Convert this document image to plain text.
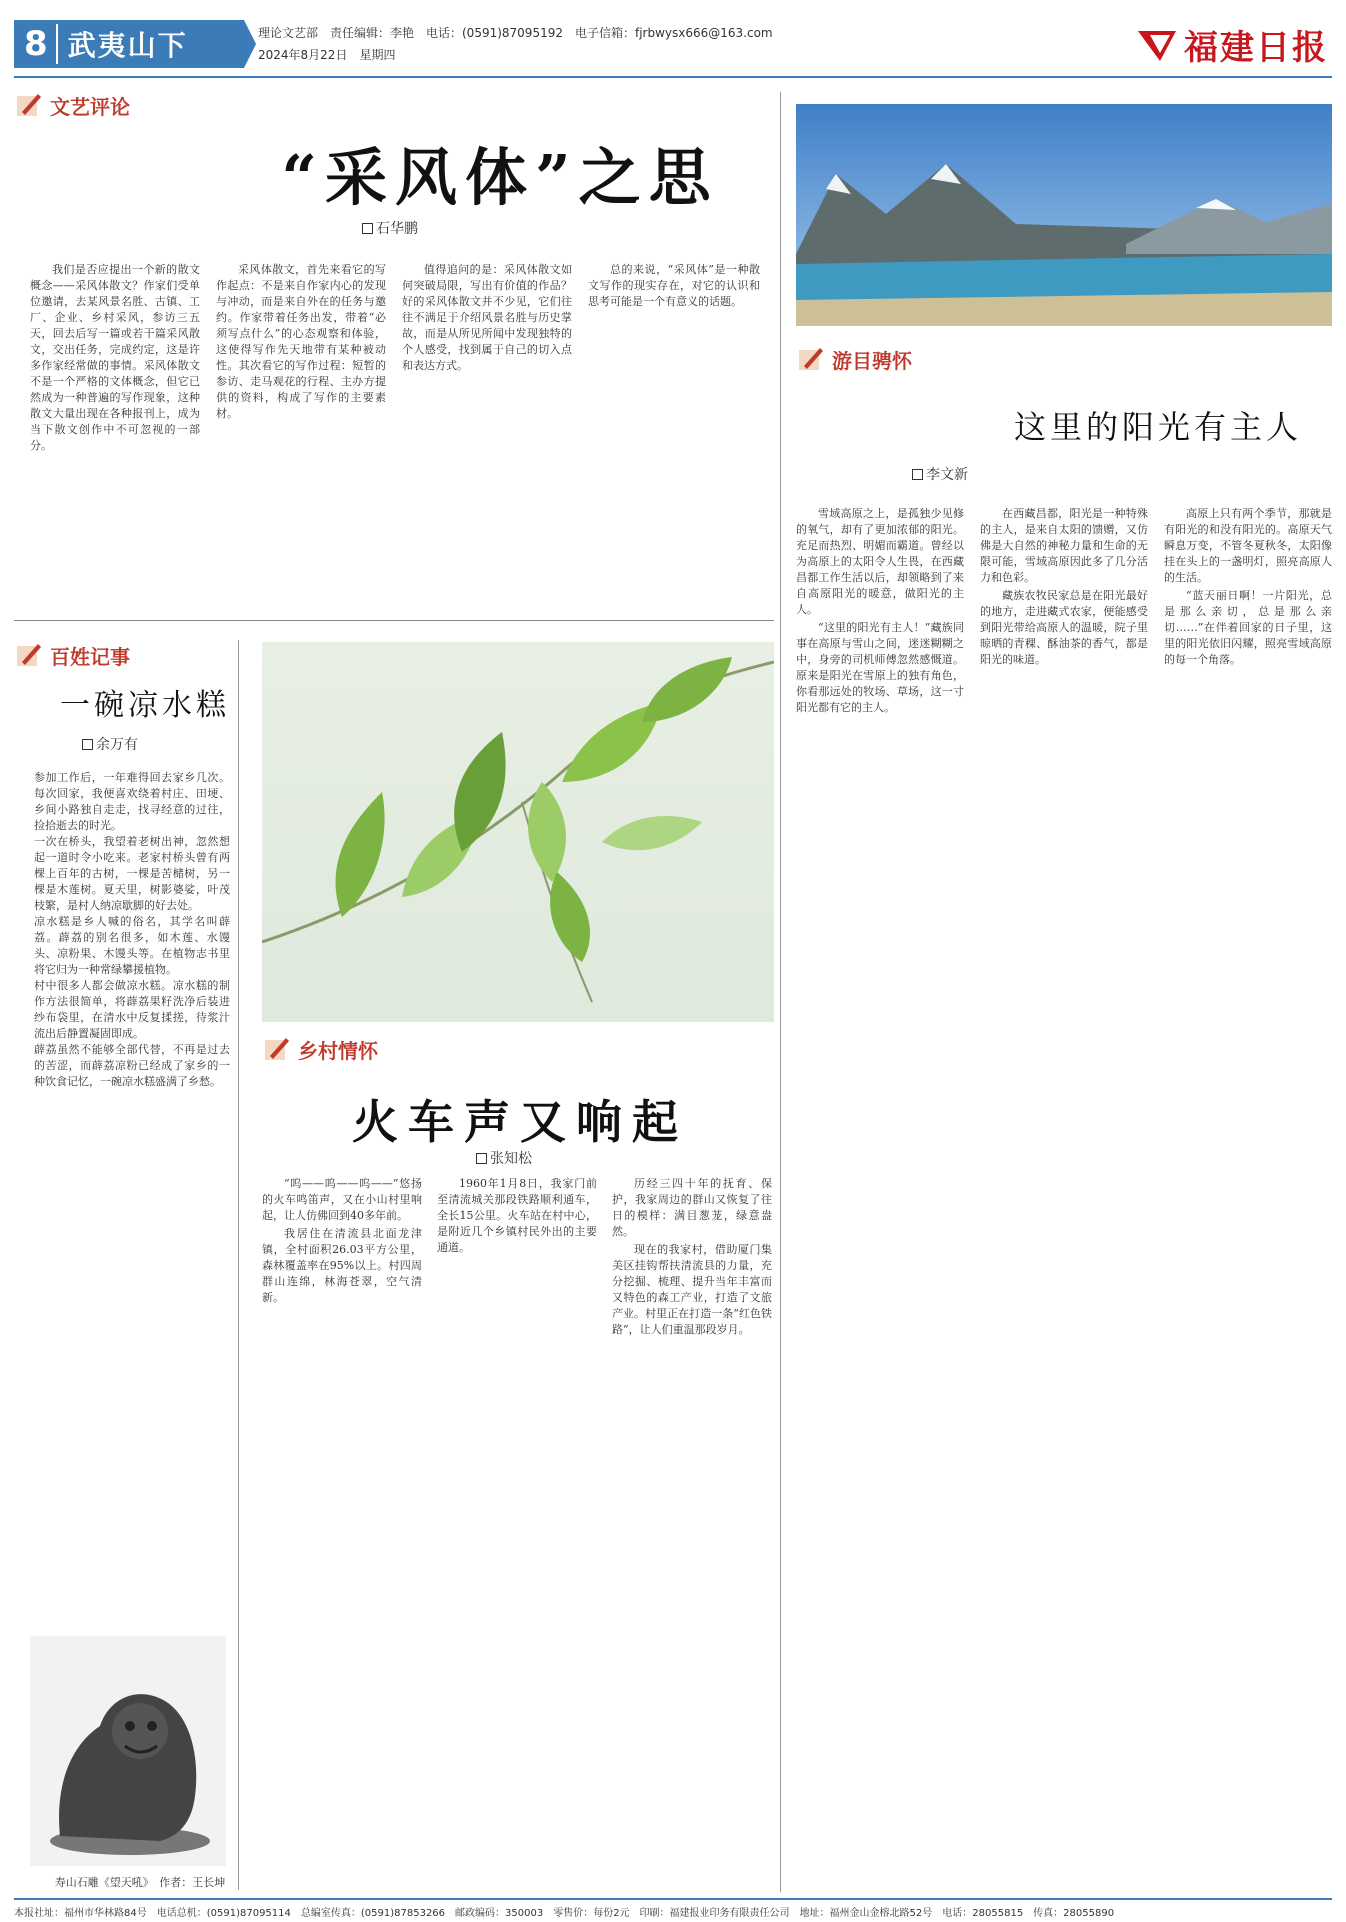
8 武夷山下	理论文艺部　责任编辑：李艳　电话：(0591)87095192　电子信箱：fjrbwysx666@163.com
2024年8月22日　星期四	福建日报
文艺评论
“采风体”之思
石华鹏

我们是否应提出一个新的散文概念——采风体散文？作家们受单位邀请，去某风景名胜、古镇、工厂、企业、乡村采风，参访三五天，回去后写一篇或若干篇采风散文，交出任务，完成约定，这是许多作家经常做的事情。采风体散文不是一个严格的文体概念，但它已然成为一种普遍的写作现象，这种散文大量出现在各种报刊上，成为当下散文创作中不可忽视的一部分。

采风体散文，首先来看它的写作起点：不是来自作家内心的发现与冲动，而是来自外在的任务与邀约。作家带着任务出发，带着“必须写点什么”的心态观察和体验，这使得写作先天地带有某种被动性。其次看它的写作过程：短暂的参访、走马观花的行程、主办方提供的资料，构成了写作的主要素材。

值得追问的是：采风体散文如何突破局限，写出有价值的作品？好的采风体散文并不少见，它们往往不满足于介绍风景名胜与历史掌故，而是从所见所闻中发现独特的个人感受，找到属于自己的切入点和表达方式。

总的来说，“采风体”是一种散文写作的现实存在，对它的认识和思考可能是一个有意义的话题。

百姓记事
一碗凉水糕
余万有

参加工作后，一年难得回去家乡几次。每次回家，我便喜欢绕着村庄、田埂、乡间小路独自走走，找寻经意的过往，捡拾逝去的时光。

一次在桥头，我望着老树出神，忽然想起一道时令小吃来。老家村桥头曾有两棵上百年的古树，一棵是苦槠树，另一棵是木莲树。夏天里，树影婆娑，叶茂枝繁，是村人纳凉歇脚的好去处。

凉水糕是乡人喊的俗名，其学名叫薜荔。薜荔的别名很多，如木莲、水馒头、凉粉果、木馒头等。在植物志书里将它归为一种常绿攀援植物。

村中很多人都会做凉水糕。凉水糕的制作方法很简单，将薜荔果籽洗净后装进纱布袋里，在清水中反复揉搓，待浆汁流出后静置凝固即成。

薜荔虽然不能够全部代替，不再是过去的苦涩，而薜荔凉粉已经成了家乡的一种饮食记忆，一碗凉水糕盛满了乡愁。

乡村情怀
火车声又响起
张知松

“呜——呜——呜——”悠扬的火车鸣笛声，又在小山村里响起，让人仿佛回到40多年前。

我居住在清流县北面龙津镇，全村面积26.03平方公里，森林覆盖率在95%以上。村四周群山连绵，林海苍翠，空气清新。

1960年1月8日，我家门前至清流城关那段铁路顺利通车，全长15公里。火车站在村中心，是附近几个乡镇村民外出的主要通道。

历经三四十年的抚育、保护，我家周边的群山又恢复了往日的模样：满目葱茏，绿意盎然。

现在的我家村，借助厦门集美区挂钩帮扶清流县的力量，充分挖掘、梳理、提升当年丰富而又特色的森工产业，打造了文旅产业。村里正在打造一条“红色铁路”，让人们重温那段岁月。

寿山石雕《望天吼》　作者：王长坤
游目骋怀
这里的阳光有主人
李文新

雪域高原之上，是孤独少见修的氧气，却有了更加浓郁的阳光。充足而热烈、明媚而霸道。曾经以为高原上的太阳令人生畏，在西藏昌都工作生活以后，却领略到了来自高原阳光的暖意，做阳光的主人。

“这里的阳光有主人！”藏族同事在高原与雪山之间，迷迷糊糊之中，身旁的司机师傅忽然感慨道。原来是阳光在雪原上的独有角色，你看那远处的牧场、草场，这一寸阳光都有它的主人。

在西藏昌都，阳光是一种特殊的主人，是来自太阳的馈赠，又仿佛是大自然的神秘力量和生命的无限可能，雪域高原因此多了几分活力和色彩。

藏族农牧民家总是在阳光最好的地方，走进藏式农家，便能感受到阳光带给高原人的温暖，院子里晾晒的青稞、酥油茶的香气，都是阳光的味道。

高原上只有两个季节，那就是有阳光的和没有阳光的。高原天气瞬息万变，不管冬夏秋冬，太阳像挂在头上的一盏明灯，照亮高原人的生活。

“蓝天丽日啊！一片阳光，总是那么亲切，总是那么亲切……”在伴着回家的日子里，这里的阳光依旧闪耀，照亮雪域高原的每一个角落。

本报社址：福州市华林路84号　电话总机：(0591)87095114　总编室传真：(0591)87853266　邮政编码：350003　零售价：每份2元　印刷：福建报业印务有限责任公司　地址：福州金山金榕北路52号　电话：28055815　传真：28055890
